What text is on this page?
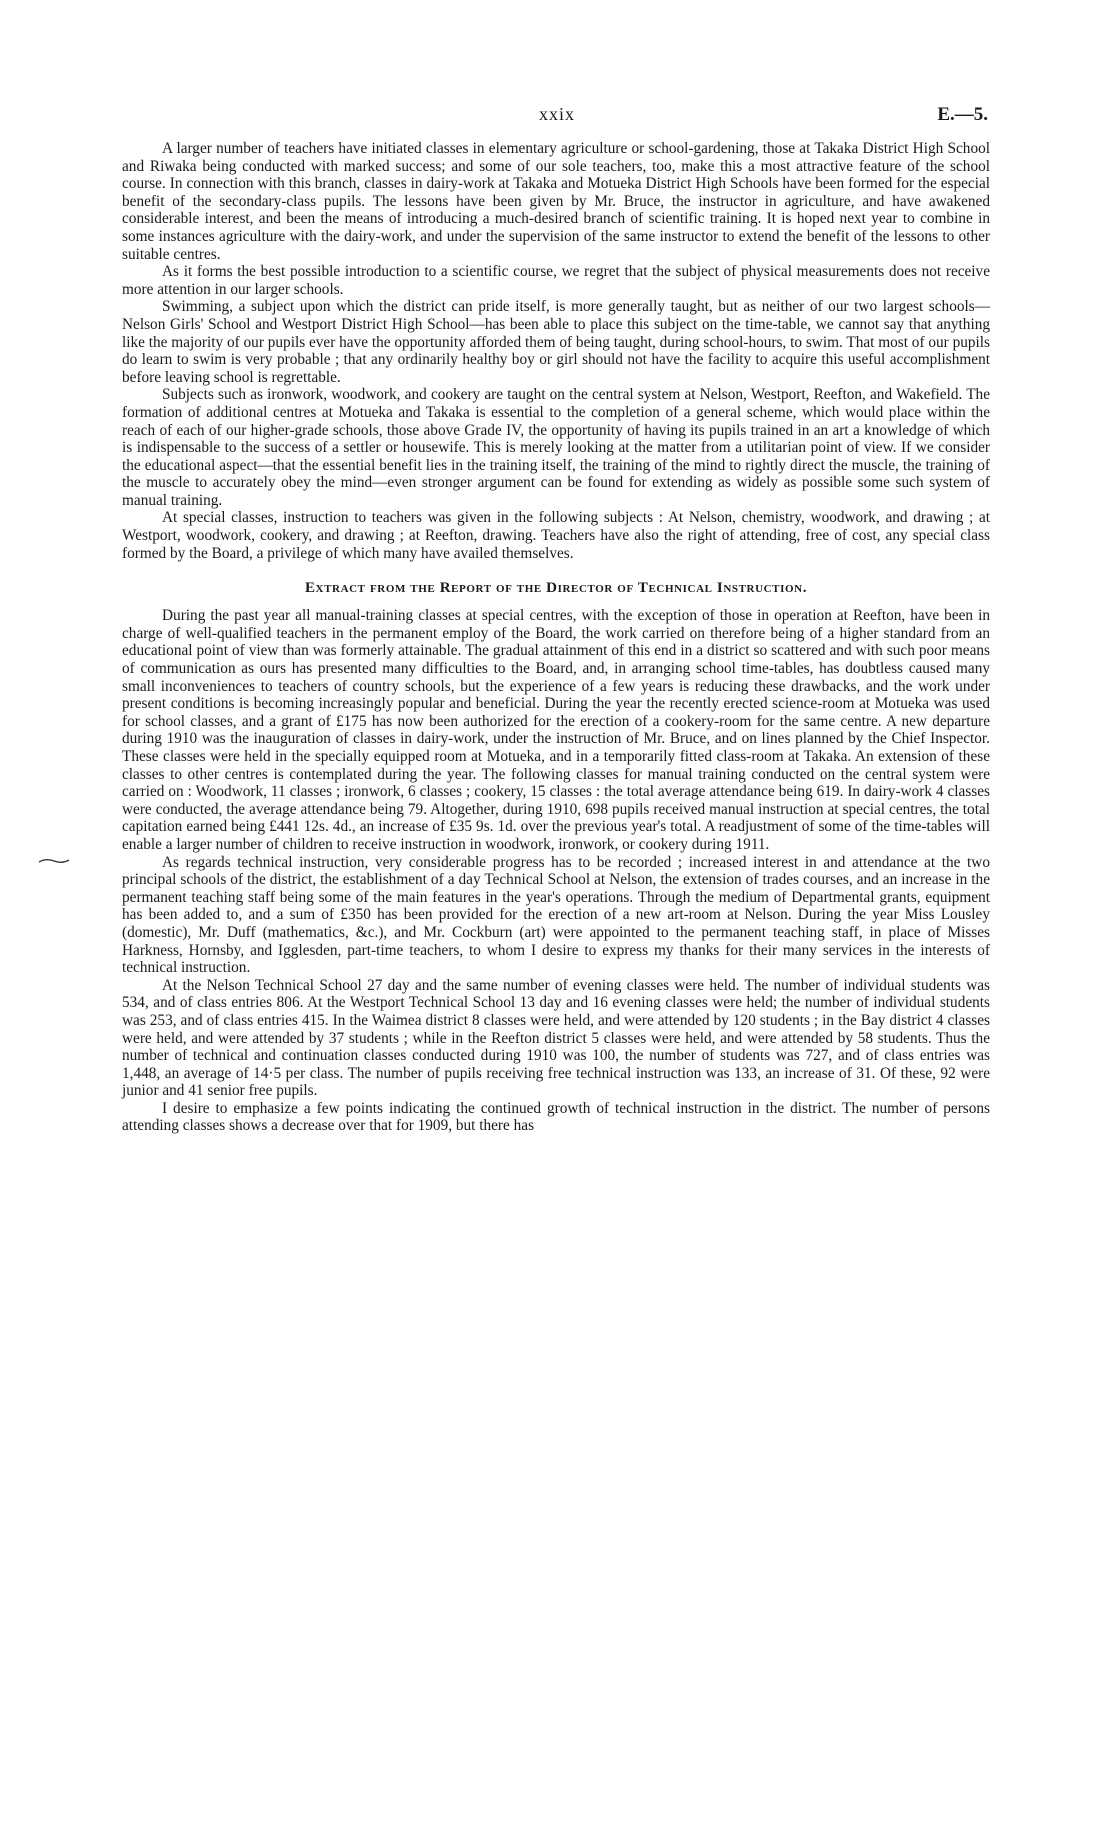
xxix	E.—5.

A larger number of teachers have initiated classes in elementary agriculture or school-gardening, those at Takaka District High School and Riwaka being conducted with marked success; and some of our sole teachers, too, make this a most attractive feature of the school course. In connection with this branch, classes in dairy-work at Takaka and Motueka District High Schools have been formed for the especial benefit of the secondary-class pupils. The lessons have been given by Mr. Bruce, the instructor in agriculture, and have awakened considerable interest, and been the means of introducing a much-desired branch of scientific training. It is hoped next year to combine in some instances agriculture with the dairy-work, and under the supervision of the same instructor to extend the benefit of the lessons to other suitable centres.

As it forms the best possible introduction to a scientific course, we regret that the subject of physical measurements does not receive more attention in our larger schools.

Swimming, a subject upon which the district can pride itself, is more generally taught, but as neither of our two largest schools—Nelson Girls' School and Westport District High School—has been able to place this subject on the time-table, we cannot say that anything like the majority of our pupils ever have the opportunity afforded them of being taught, during school-hours, to swim. That most of our pupils do learn to swim is very probable ; that any ordinarily healthy boy or girl should not have the facility to acquire this useful accomplishment before leaving school is regrettable.

Subjects such as ironwork, woodwork, and cookery are taught on the central system at Nelson, Westport, Reefton, and Wakefield. The formation of additional centres at Motueka and Takaka is essential to the completion of a general scheme, which would place within the reach of each of our higher-grade schools, those above Grade IV, the opportunity of having its pupils trained in an art a knowledge of which is indispensable to the success of a settler or housewife. This is merely looking at the matter from a utilitarian point of view. If we consider the educational aspect—that the essential benefit lies in the training itself, the training of the mind to rightly direct the muscle, the training of the muscle to accurately obey the mind—even stronger argument can be found for extending as widely as possible some such system of manual training.

At special classes, instruction to teachers was given in the following subjects : At Nelson, chemistry, woodwork, and drawing ; at Westport, woodwork, cookery, and drawing ; at Reefton, drawing. Teachers have also the right of attending, free of cost, any special class formed by the Board, a privilege of which many have availed themselves.

Extract from the Report of the Director of Technical Instruction.

During the past year all manual-training classes at special centres, with the exception of those in operation at Reefton, have been in charge of well-qualified teachers in the permanent employ of the Board, the work carried on therefore being of a higher standard from an educational point of view than was formerly attainable. The gradual attainment of this end in a district so scattered and with such poor means of communication as ours has presented many difficulties to the Board, and, in arranging school time-tables, has doubtless caused many small inconveniences to teachers of country schools, but the experience of a few years is reducing these drawbacks, and the work under present conditions is becoming increasingly popular and beneficial. During the year the recently erected science-room at Motueka was used for school classes, and a grant of £175 has now been authorized for the erection of a cookery-room for the same centre. A new departure during 1910 was the inauguration of classes in dairy-work, under the instruction of Mr. Bruce, and on lines planned by the Chief Inspector. These classes were held in the specially equipped room at Motueka, and in a temporarily fitted class-room at Takaka. An extension of these classes to other centres is contemplated during the year. The following classes for manual training conducted on the central system were carried on : Woodwork, 11 classes ; ironwork, 6 classes ; cookery, 15 classes : the total average attendance being 619. In dairy-work 4 classes were conducted, the average attendance being 79. Altogether, during 1910, 698 pupils received manual instruction at special centres, the total capitation earned being £441 12s. 4d., an increase of £35 9s. 1d. over the previous year's total. A readjustment of some of the time-tables will enable a larger number of children to receive instruction in woodwork, ironwork, or cookery during 1911.

As regards technical instruction, very considerable progress has to be recorded ; increased interest in and attendance at the two principal schools of the district, the establishment of a day Technical School at Nelson, the extension of trades courses, and an increase in the permanent teaching staff being some of the main features in the year's operations. Through the medium of Departmental grants, equipment has been added to, and a sum of £350 has been provided for the erection of a new art-room at Nelson. During the year Miss Lousley (domestic), Mr. Duff (mathematics, &c.), and Mr. Cockburn (art) were appointed to the permanent teaching staff, in place of Misses Harkness, Hornsby, and Igglesden, part-time teachers, to whom I desire to express my thanks for their many services in the interests of technical instruction.

At the Nelson Technical School 27 day and the same number of evening classes were held. The number of individual students was 534, and of class entries 806. At the Westport Technical School 13 day and 16 evening classes were held; the number of individual students was 253, and of class entries 415. In the Waimea district 8 classes were held, and were attended by 120 students ; in the Bay district 4 classes were held, and were attended by 37 students ; while in the Reefton district 5 classes were held, and were attended by 58 students. Thus the number of technical and continuation classes conducted during 1910 was 100, the number of students was 727, and of class entries was 1,448, an average of 14·5 per class. The number of pupils receiving free technical instruction was 133, an increase of 31. Of these, 92 were junior and 41 senior free pupils.

I desire to emphasize a few points indicating the continued growth of technical instruction in the district. The number of persons attending classes shows a decrease over that for 1909, but there has
